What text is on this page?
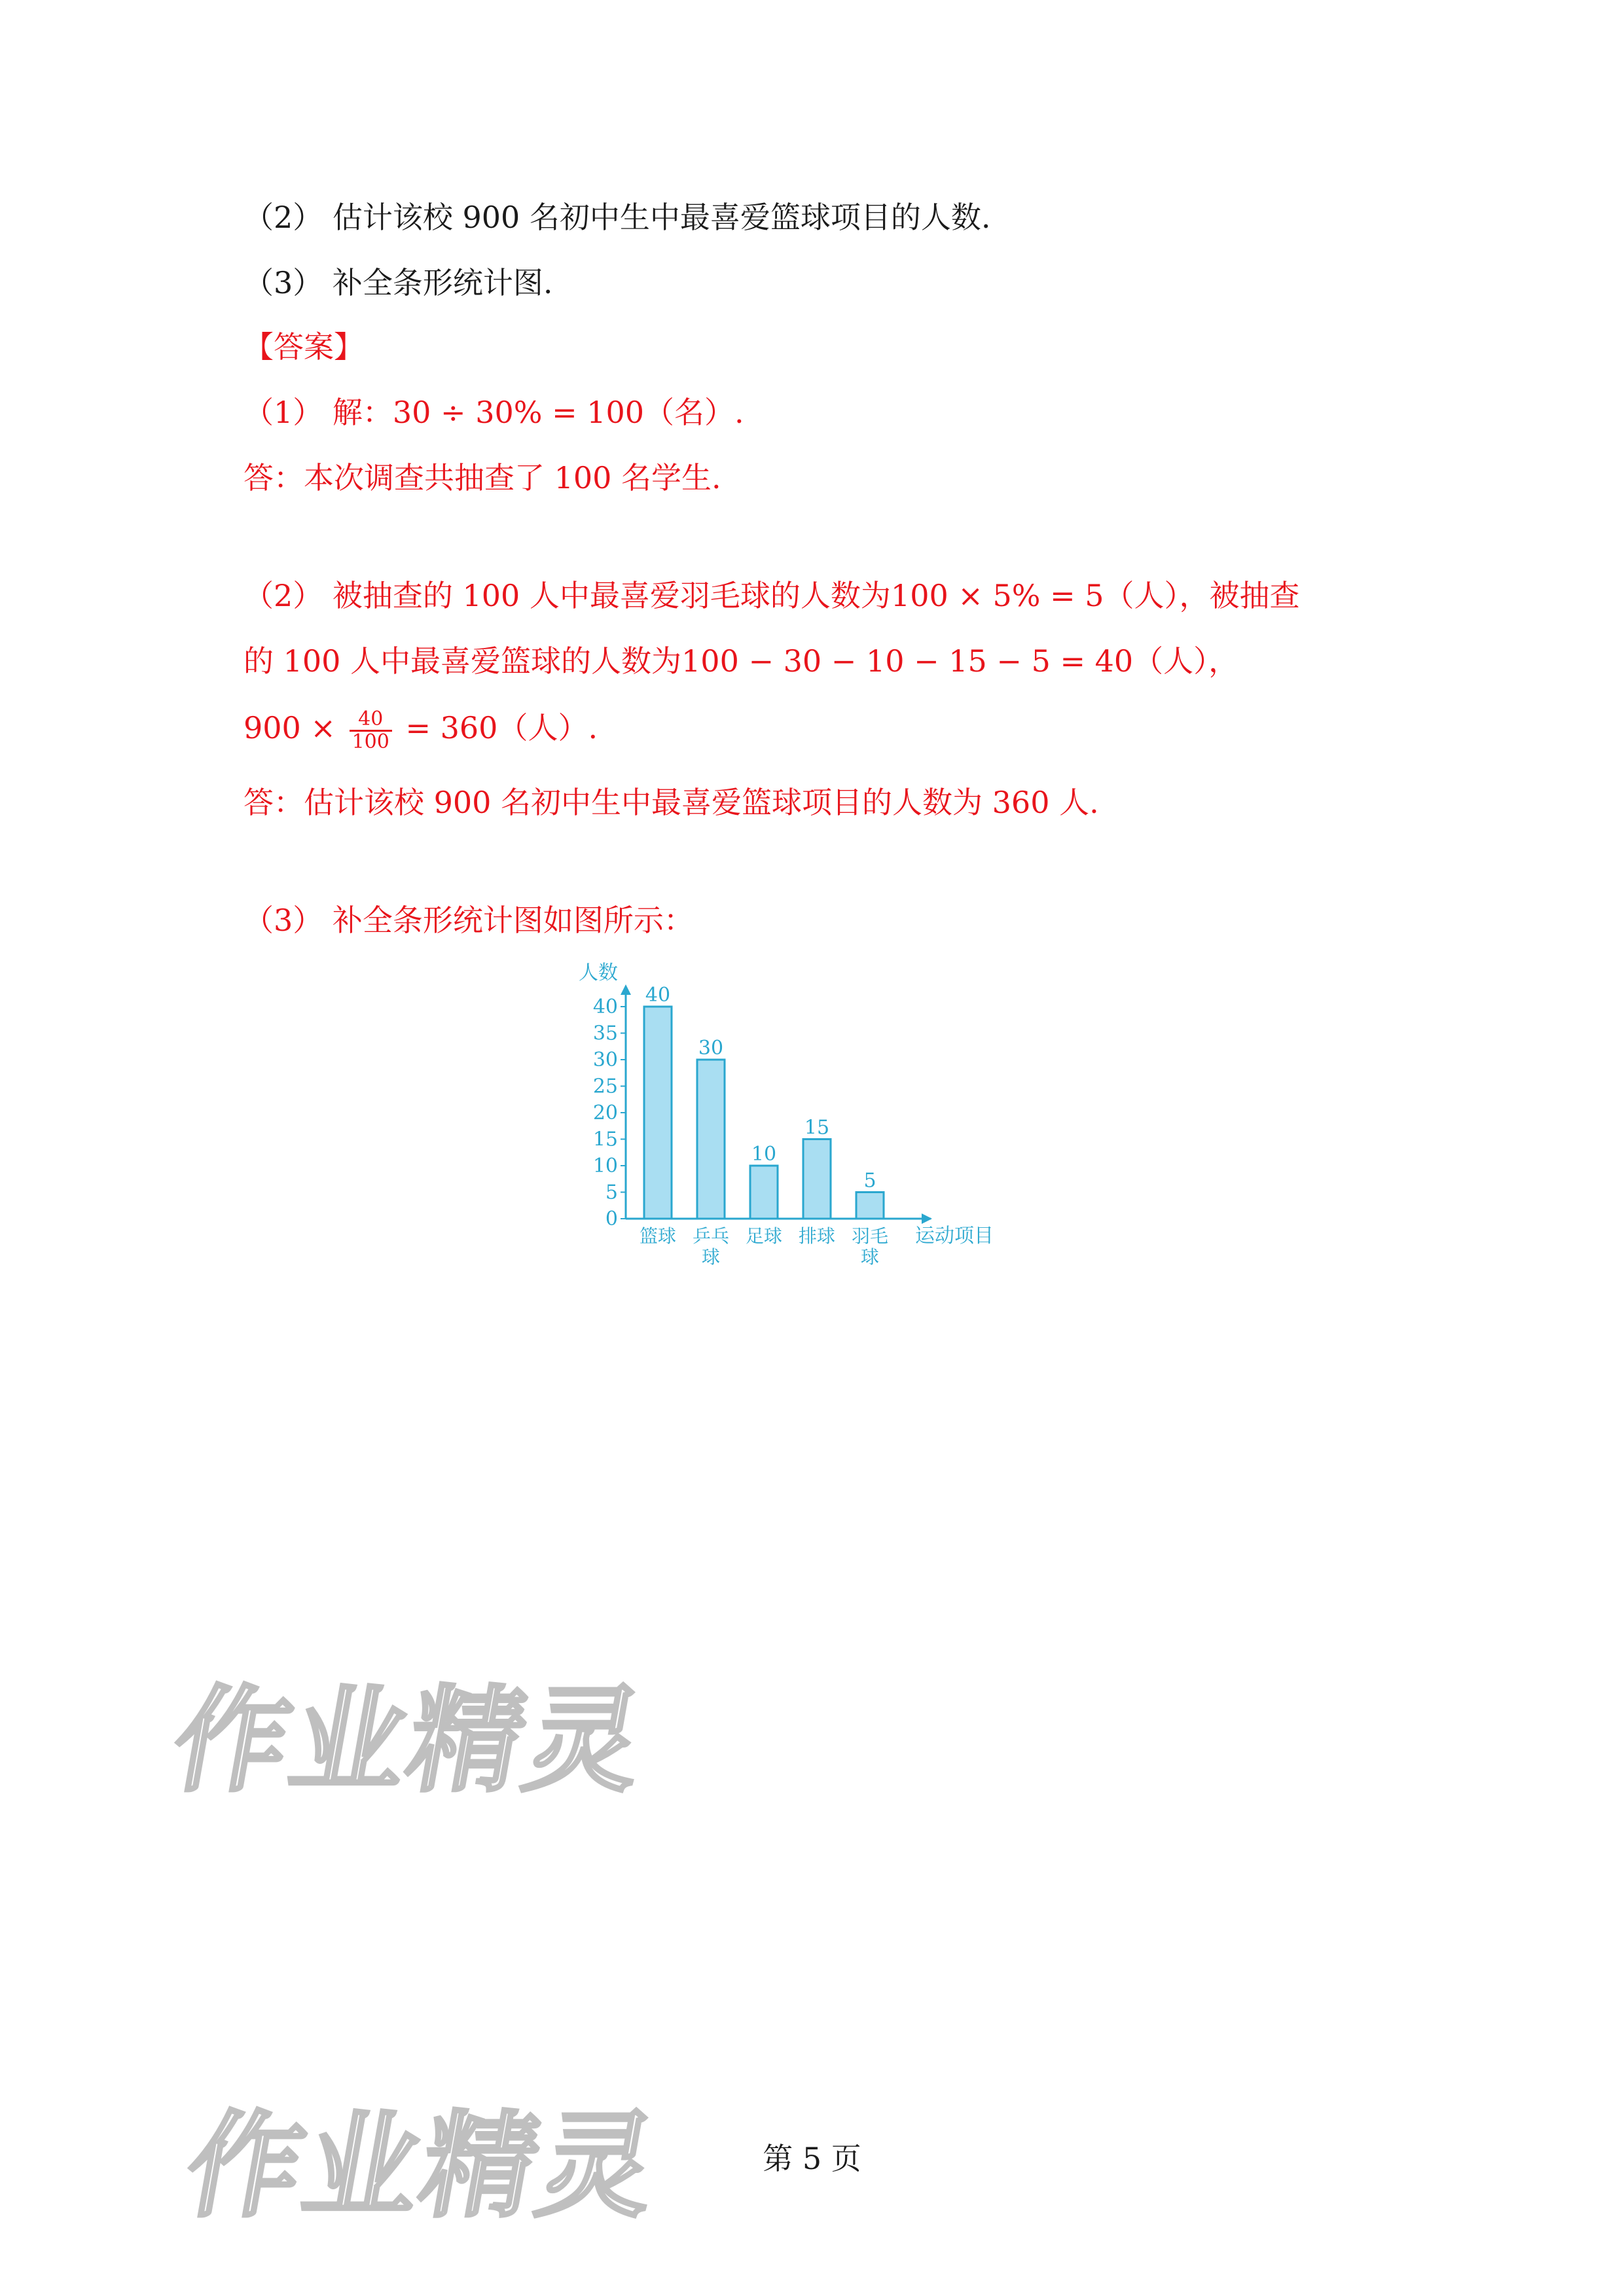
（2） 估计该校 900 名初中生中最喜爱篮球项目的人数.
（3） 补全条形统计图.
【答案】
（1） 解：30 ÷ 30% = 100（名）.
答：本次调查共抽查了 100 名学生.
（2） 被抽查的 100 人中最喜爱羽毛球的人数为100 × 5% = 5（人），被抽查
的 100 人中最喜爱篮球的人数为100 − 30 − 10 − 15 − 5 = 40（人），
$900 \times \frac{40}{100} = 360$（人）.
答：估计该校 900 名初中生中最喜爱篮球项目的人数为 360 人.
（3） 补全条形统计图如图所示：
人数
运动项目
0
5
10
15
20
25
30
35
40
40
篮球
30
乒乓
球
10
足球
15
排球
5
羽毛
球
作业精灵
作业精灵	第 5 页
